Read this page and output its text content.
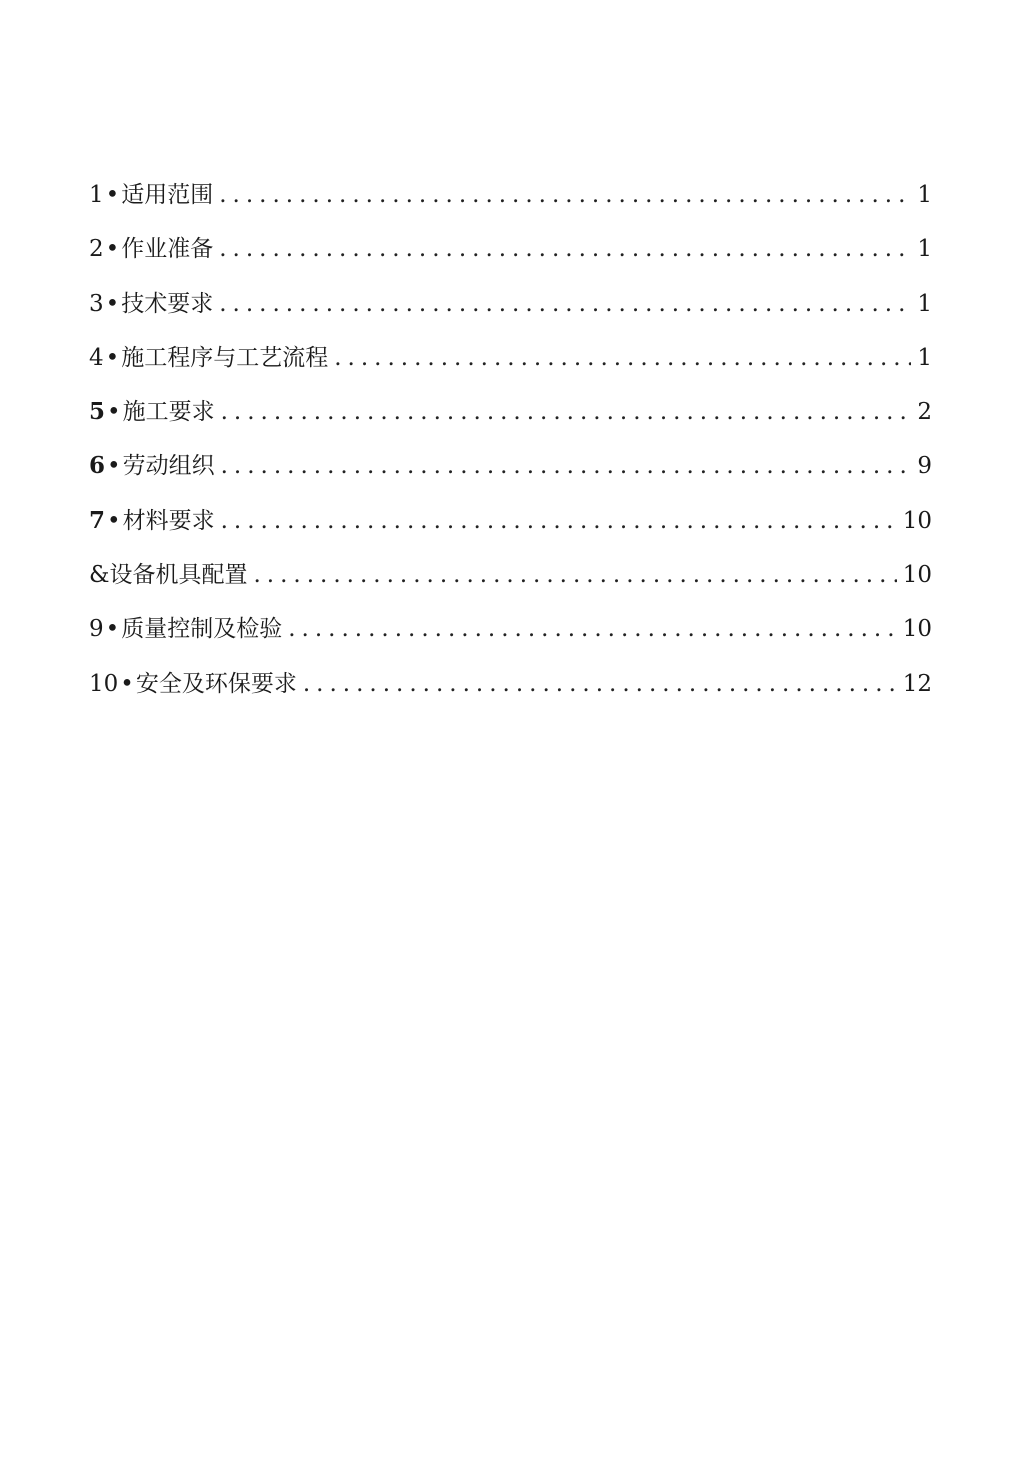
1•适用范围 .....	1
2•作业准备 .....	1
3•技术要求 .....	1
4•施工程序与工艺流程 .....	1
5•施工要求 .....	2
6•劳动组织 .....	9
7•材料要求 .....	10
&设备机具配置 .....	10
9•质量控制及检验 .....	10
10•安全及环保要求 .....	12
